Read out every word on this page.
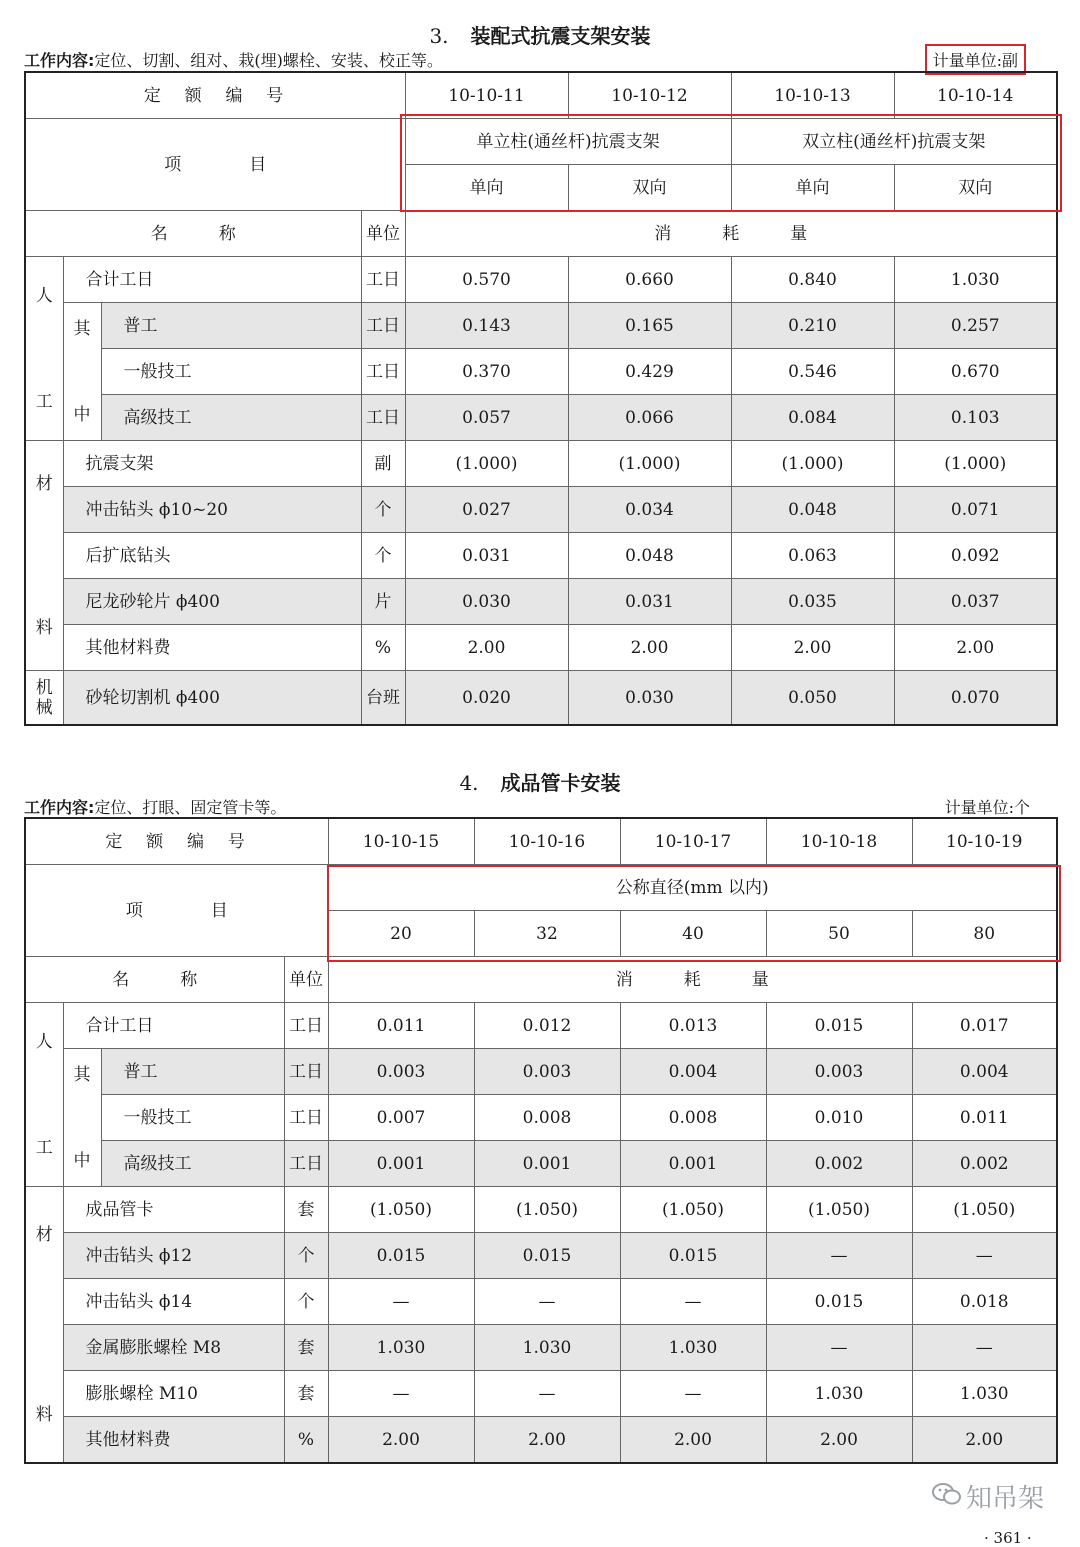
3. 装配式抗震支架安装
工作内容:定位、切割、组对、栽(埋)螺栓、安装、校正等。	计量单位:副
定　额　编　号				10-10-11	10-10-12	10-10-13	10-10-14
项　　　　目				单立柱(通丝杆)抗震支架		双立柱(通丝杆)抗震支架	
				单向	双向	单向	双向
名　　　称			单位	消　　　耗　　　量			

人
工	合计工日		工日	0.570	0.660	0.840	1.030

	其
中	普工	工日	0.143	0.165	0.210	0.257
		一般技工	工日	0.370	0.429	0.546	0.670
		高级技工	工日	0.057	0.066	0.084	0.103

材
料	抗震支架		副	(1.000)	(1.000)	(1.000)	(1.000)
	冲击钻头 ϕ10~20		个	0.027	0.034	0.048	0.071
	后扩底钻头		个	0.031	0.048	0.063	0.092
	尼龙砂轮片 ϕ400		片	0.030	0.031	0.035	0.037
	其他材料费		%	2.00	2.00	2.00	2.00

机
械	砂轮切割机 ϕ400		台班	0.020	0.030	0.050	0.070
4. 成品管卡安装
工作内容:定位、打眼、固定管卡等。	计量单位:个
定　额　编　号				10-10-15	10-10-16	10-10-17	10-10-18	10-10-19
项　　　　目				公称直径(mm 以内)				
				20	32	40	50	80
名　　　称			单位	消　　　耗　　　量				

人
工	合计工日		工日	0.011	0.012	0.013	0.015	0.017

	其
中	普工	工日	0.003	0.003	0.004	0.003	0.004
		一般技工	工日	0.007	0.008	0.008	0.010	0.011
		高级技工	工日	0.001	0.001	0.001	0.002	0.002

材
料	成品管卡		套	(1.050)	(1.050)	(1.050)	(1.050)	(1.050)
	冲击钻头 ϕ12		个	0.015	0.015	0.015	—	—
	冲击钻头 ϕ14		个	—	—	—	0.015	0.018
	金属膨胀螺栓 M8		套	1.030	1.030	1.030	—	—
	膨胀螺栓 M10		套	—	—	—	1.030	1.030
	其他材料费		%	2.00	2.00	2.00	2.00	2.00
知吊架
· 361 ·
